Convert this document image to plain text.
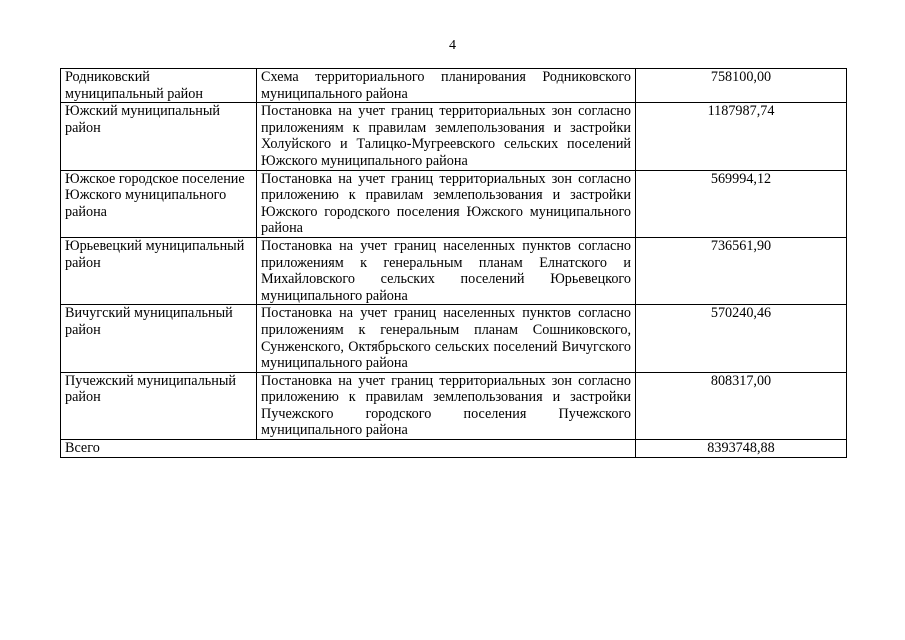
4
Родниковский муниципальный район	Схема территориального планирования Родниковского муниципального района	758100,00
Южский муниципальный район	Постановка на учет границ территориальных зон согласно приложениям к правилам землепользования и застройки Холуйского и Талицко-Мугреевского сельских поселений Южского муниципального района	1187987,74
Южское городское поселение Южского муниципального района	Постановка на учет границ территориальных зон согласно приложению к правилам землепользования и застройки Южского городского поселения Южского муниципального района	569994,12
Юрьевецкий муниципальный район	Постановка на учет границ населенных пунктов согласно приложениям к генеральным планам Елнатского и Михайловского сельских поселений Юрьевецкого муниципального района	736561,90
Вичугский муниципальный район	Постановка на учет границ населенных пунктов согласно приложениям к генеральным планам Сошниковского, Сунженского, Октябрьского сельских поселений Вичугского муниципального района	570240,46
Пучежский муниципальный район	Постановка на учет границ территориальных зон согласно приложению к правилам землепользования и застройки Пучежского городского поселения Пучежского муниципального района	808317,00
Всего		8393748,88
